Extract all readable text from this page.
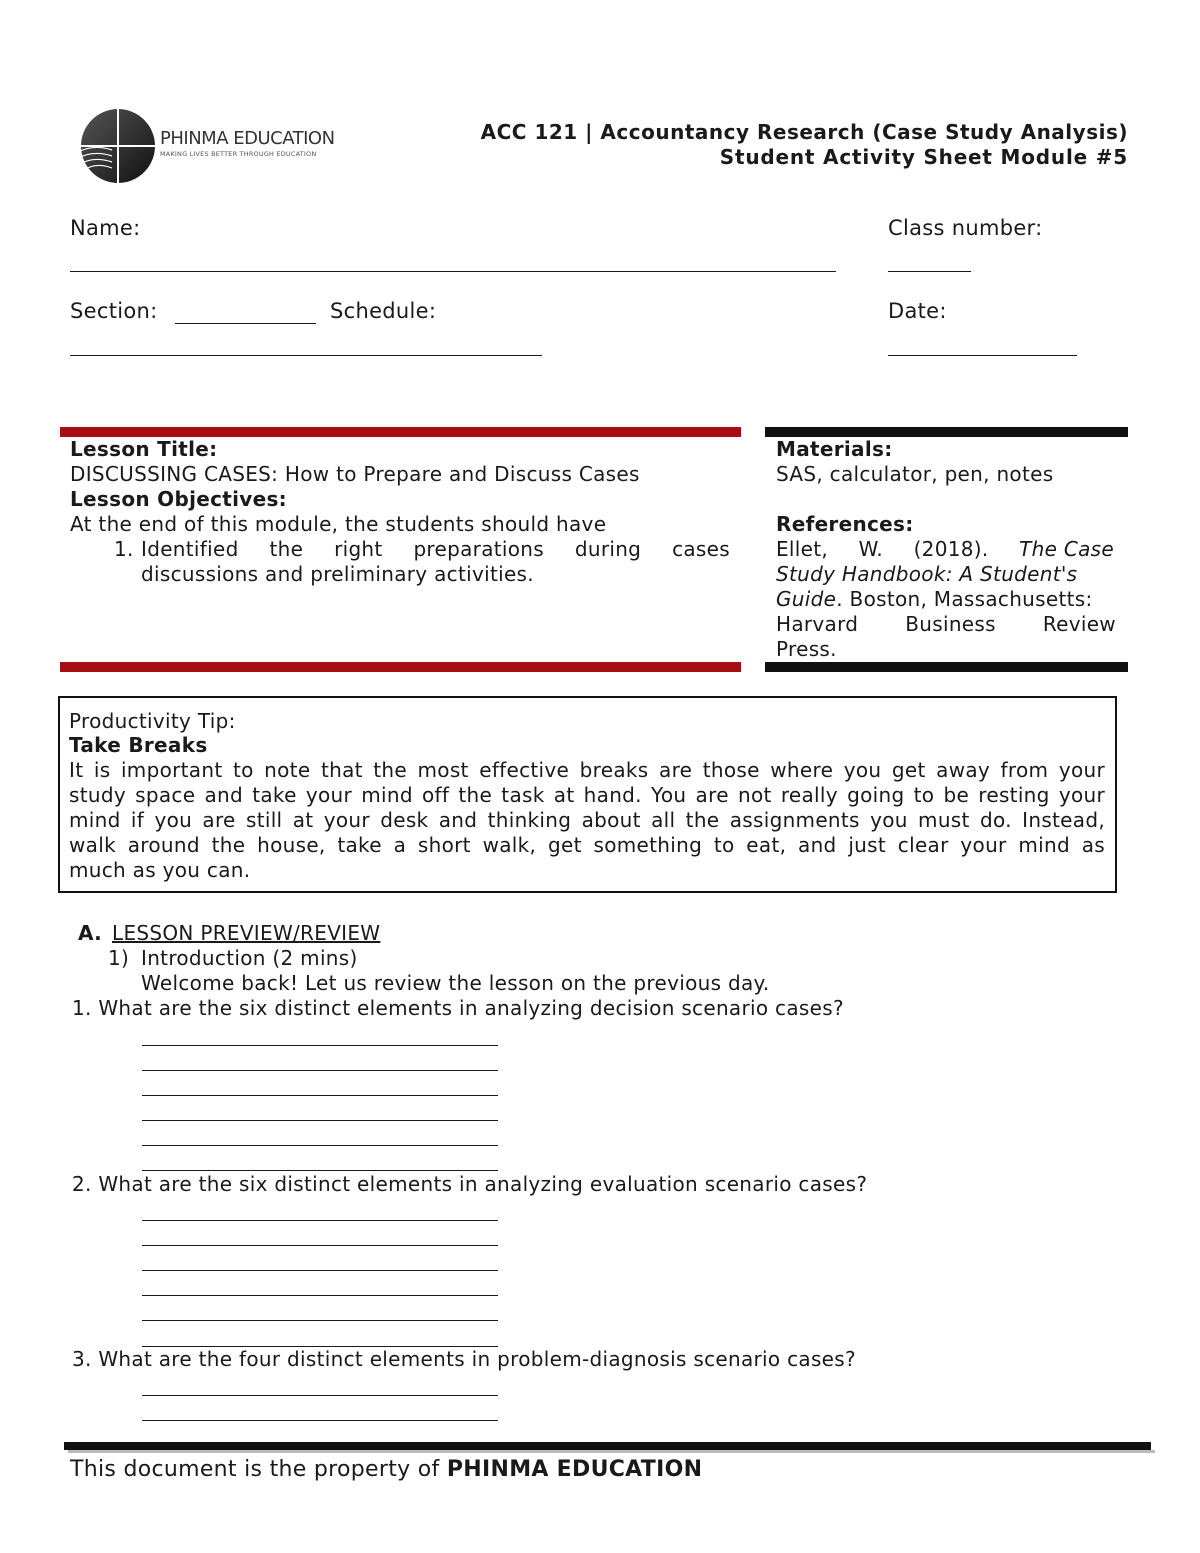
PHINMA EDUCATION
MAKING LIVES BETTER THROUGH EDUCATION
ACC 121 | Accountancy Research (Case Study Analysis)
Student Activity Sheet Module #5
Name:	Class number:
Section:	Schedule:	Date:
Lesson Title:
DISCUSSING CASES: How to Prepare and Discuss Cases
Lesson Objectives:
At the end of this module, the students should have
1. Identified the right preparations during cases
discussions and preliminary activities.
Materials:
SAS, calculator, pen, notes
References:
Ellet, W. (2018). The Case
Study Handbook: A Student's
Guide. Boston, Massachusetts:
Harvard Business Review
Press.
Productivity Tip:
Take Breaks
It is important to note that the most effective breaks are those where you get away from your
study space and take your mind off the task at hand. You are not really going to be resting your
mind if you are still at your desk and thinking about all the assignments you must do. Instead,
walk around the house, take a short walk, get something to eat, and just clear your mind as
much as you can.
A. LESSON PREVIEW/REVIEW
1) Introduction (2 mins)
Welcome back! Let us review the lesson on the previous day.
1. What are the six distinct elements in analyzing decision scenario cases?
2. What are the six distinct elements in analyzing evaluation scenario cases?
3. What are the four distinct elements in problem-diagnosis scenario cases?
This document is the property of PHINMA EDUCATION
